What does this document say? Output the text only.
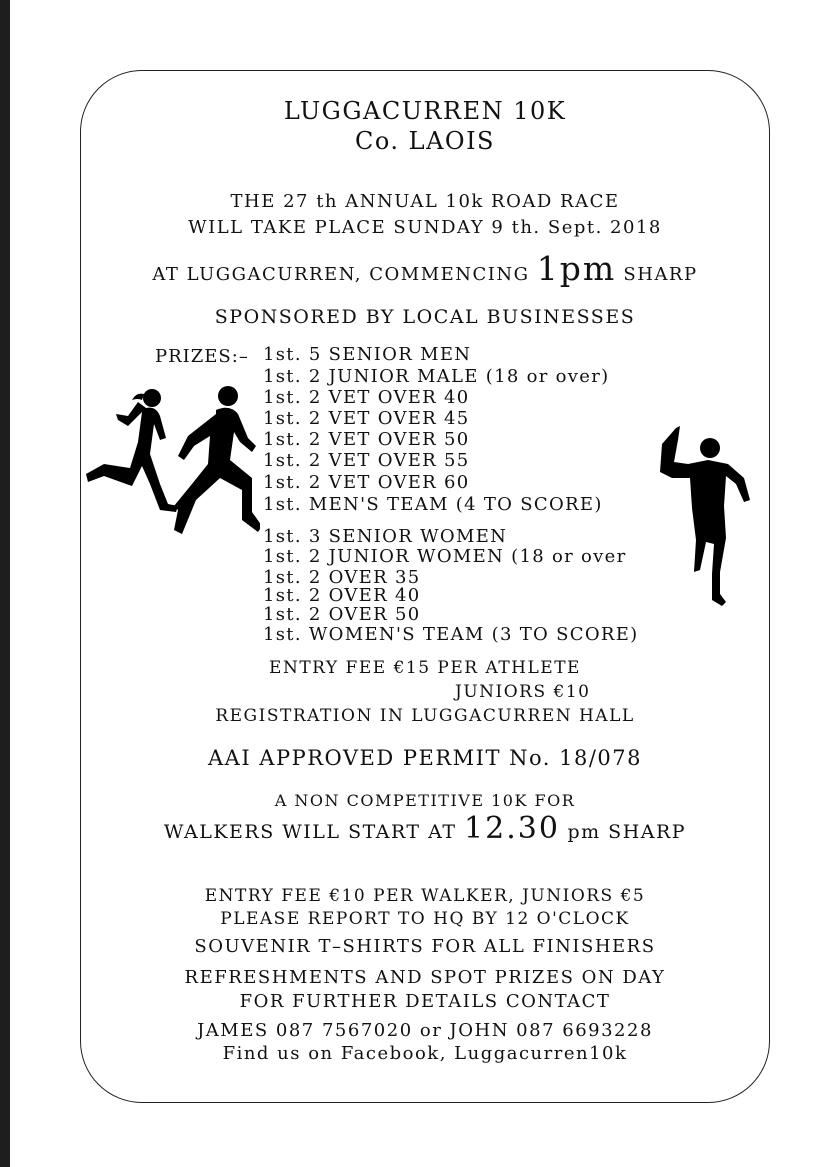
LUGGACURREN 10K
Co. LAOIS
THE 27 th ANNUAL 10k ROAD RACE
WILL TAKE PLACE SUNDAY 9 th. Sept. 2018
AT LUGGACURREN, COMMENCING 1pm SHARP
SPONSORED BY LOCAL BUSINESSES
PRIZES:– 1st. 5 SENIOR MEN
1st. 2 JUNIOR MALE (18 or over)
1st. 2 VET OVER 40
1st. 2 VET OVER 45
1st. 2 VET OVER 50
1st. 2 VET OVER 55
1st. 2 VET OVER 60
1st. MEN'S TEAM (4 TO SCORE)
1st. 3 SENIOR WOMEN
1st. 2 JUNIOR WOMEN (18 or over
1st. 2 OVER 35
1st. 2 OVER 40
1st. 2 OVER 50
1st. WOMEN'S TEAM (3 TO SCORE)
ENTRY FEE €15 PER ATHLETE
JUNIORS €10
REGISTRATION IN LUGGACURREN HALL
AAI APPROVED PERMIT No. 18/078
A NON COMPETITIVE 10K FOR
WALKERS WILL START AT 12.30 pm SHARP
ENTRY FEE €10 PER WALKER, JUNIORS €5
PLEASE REPORT TO HQ BY 12 O'CLOCK
SOUVENIR T–SHIRTS FOR ALL FINISHERS
REFRESHMENTS AND SPOT PRIZES ON DAY
FOR FURTHER DETAILS CONTACT
JAMES 087 7567020 or JOHN 087 6693228
Find us on Facebook, Luggacurren10k
